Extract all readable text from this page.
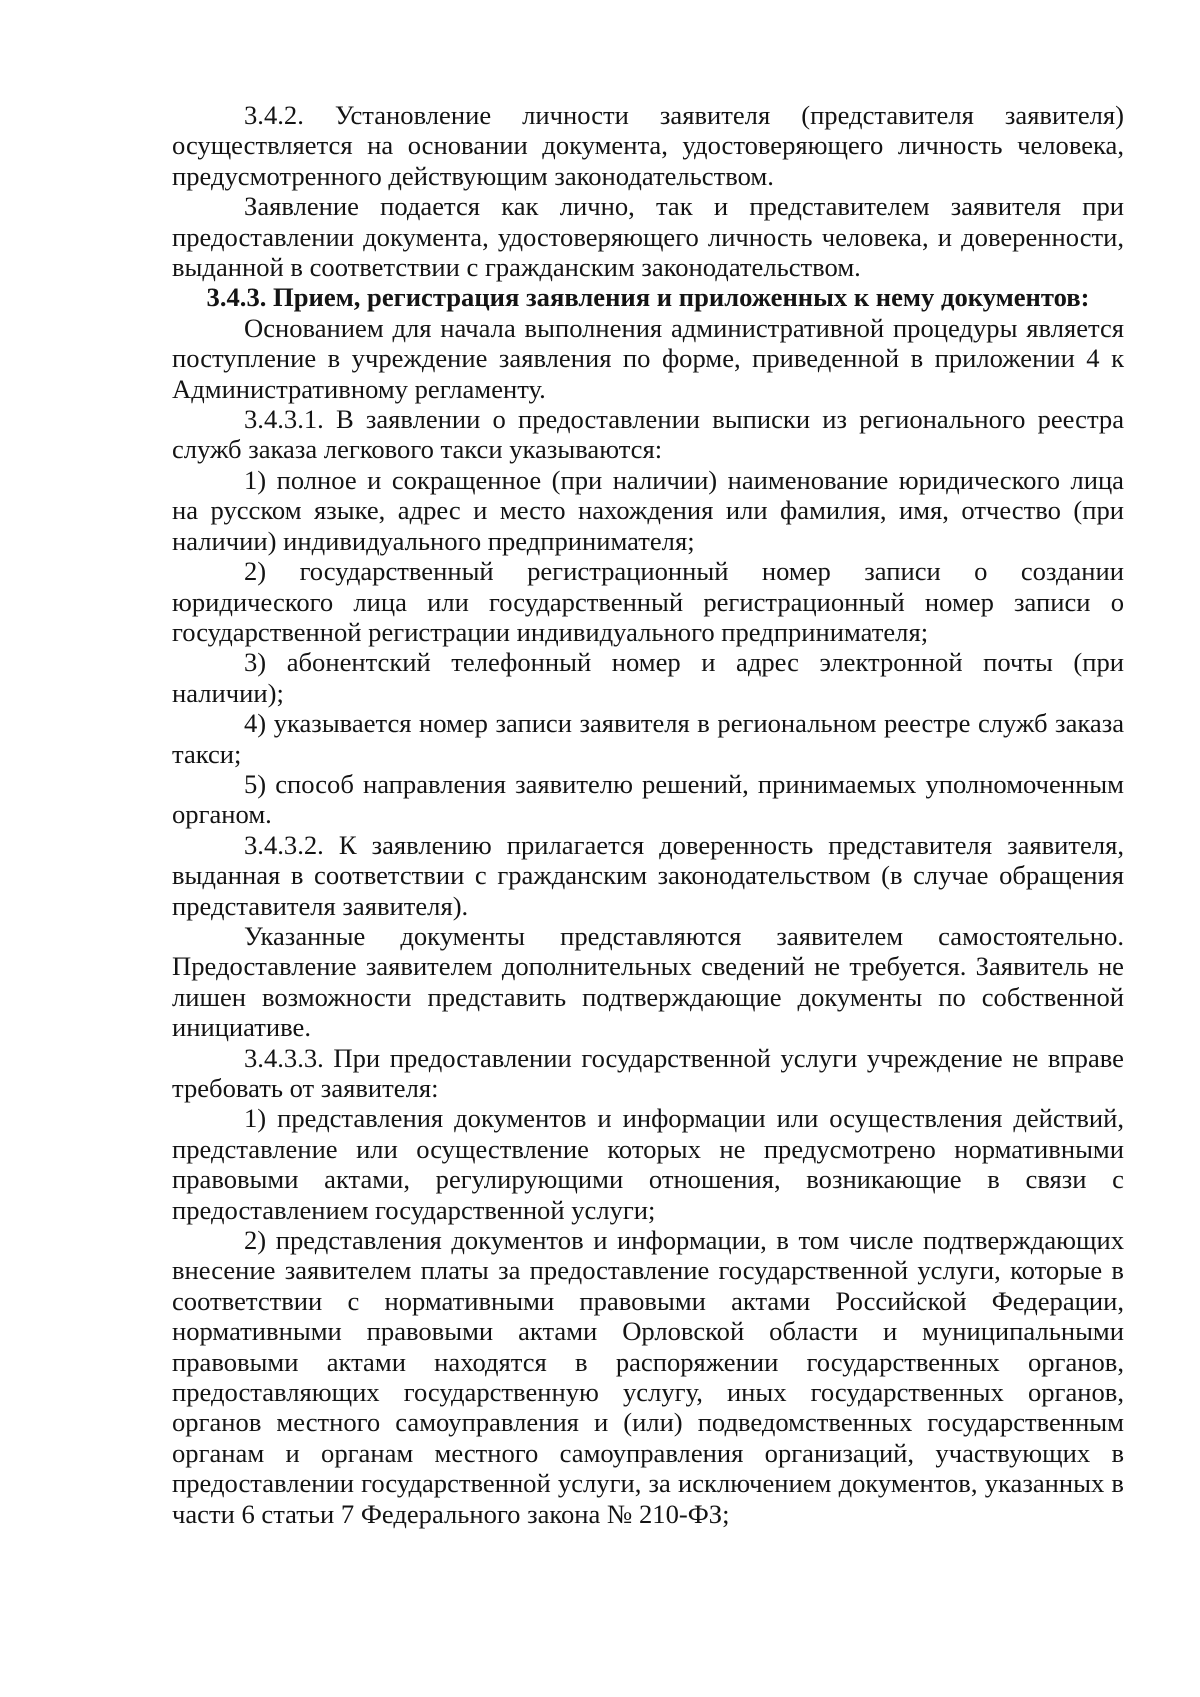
3.4.2. Установление личности заявителя (представителя заявителя) осуществляется на основании документа, удостоверяющего личность человека, предусмотренного действующим законодательством.

Заявление подается как лично, так и представителем заявителя при предоставлении документа, удостоверяющего личность человека, и доверенности, выданной в соответствии с гражданским законодательством.

3.4.3. Прием, регистрация заявления и приложенных к нему документов:

Основанием для начала выполнения административной процедуры является поступление в учреждение заявления по форме, приведенной в приложении 4 к Административному регламенту.

3.4.3.1. В заявлении о предоставлении выписки из регионального реестра служб заказа легкового такси указываются:

1) полное и сокращенное (при наличии) наименование юридического лица на русском языке, адрес и место нахождения или фамилия, имя, отчество (при наличии) индивидуального предпринимателя;

2) государственный регистрационный номер записи о создании юридического лица или государственный регистрационный номер записи о государственной регистрации индивидуального предпринимателя;

3) абонентский телефонный номер и адрес электронной почты (при наличии);

4) указывается номер записи заявителя в региональном реестре служб заказа такси;

5) способ направления заявителю решений, принимаемых уполномоченным органом.

3.4.3.2. К заявлению прилагается доверенность представителя заявителя, выданная в соответствии с гражданским законодательством (в случае обращения представителя заявителя).

Указанные документы представляются заявителем самостоятельно. Предоставление заявителем дополнительных сведений не требуется. Заявитель не лишен возможности представить подтверждающие документы по собственной инициативе.

3.4.3.3. При предоставлении государственной услуги учреждение не вправе требовать от заявителя:

1) представления документов и информации или осуществления действий, представление или осуществление которых не предусмотрено нормативными правовыми актами, регулирующими отношения, возникающие в связи с предоставлением государственной услуги;

2) представления документов и информации, в том числе подтверждающих внесение заявителем платы за предоставление государственной услуги, которые в соответствии с нормативными правовыми актами Российской Федерации, нормативными правовыми актами Орловской области и муниципальными правовыми актами находятся в распоряжении государственных органов, предоставляющих государственную услугу, иных государственных органов, органов местного самоуправления и (или) подведомственных государственным органам и органам местного самоуправления организаций, участвующих в предоставлении государственной услуги, за исключением документов, указанных в части 6 статьи 7 Федерального закона № 210-ФЗ;
